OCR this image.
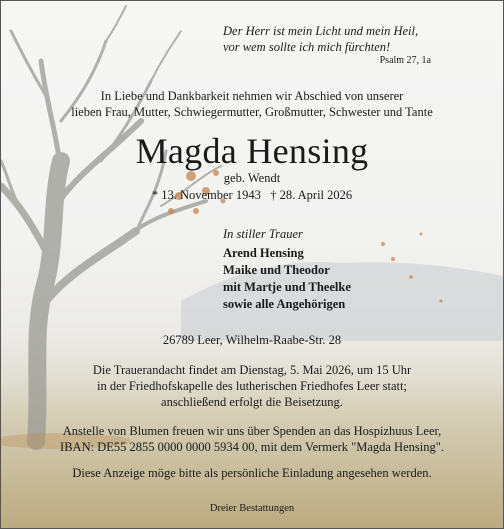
Der Herr ist mein Licht und mein Heil,
vor wem sollte ich mich fürchten!
Psalm 27, 1a
In Liebe und Dankbarkeit nehmen wir Abschied von unserer
lieben Frau, Mutter, Schwiegermutter, Großmutter, Schwester und Tante
Magda Hensing
geb. Wendt
* 13. November 1943   † 28. April 2026
In stiller Trauer
Arend Hensing
Maike und Theodor
mit Martje und Theelke
sowie alle Angehörigen
26789 Leer, Wilhelm-Raabe-Str. 28
Die Trauerandacht findet am Dienstag, 5. Mai 2026, um 15 Uhr
in der Friedhofskapelle des lutherischen Friedhofes Leer statt;
anschließend erfolgt die Beisetzung.
Anstelle von Blumen freuen wir uns über Spenden an das Hospizhuus Leer,
IBAN: DE55 2855 0000 0000 5934 00, mit dem Vermerk "Magda Hensing".
Diese Anzeige möge bitte als persönliche Einladung angesehen werden.
Dreier Bestattungen
